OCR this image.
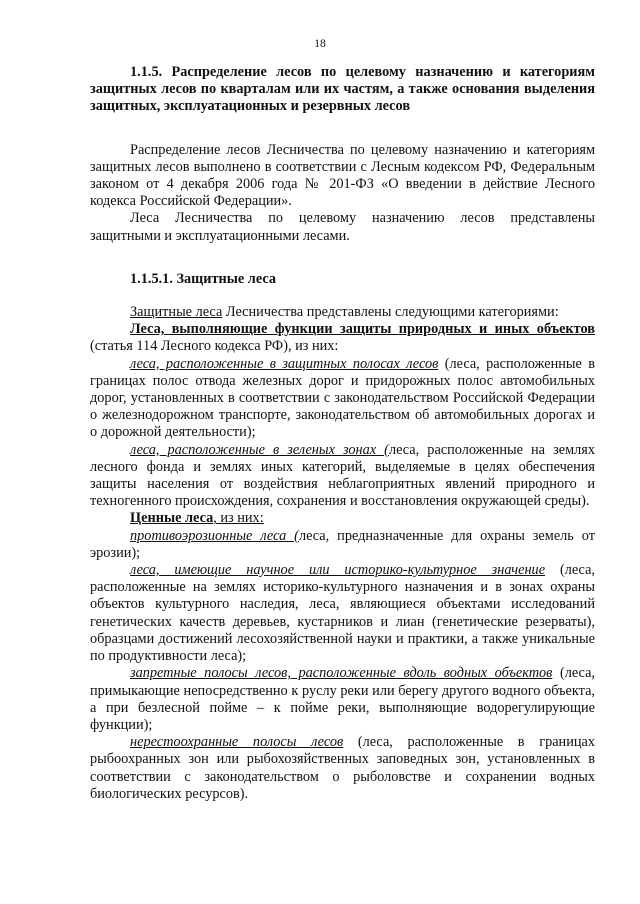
18

1.1.5. Распределение лесов по целевому назначению и категориям защитных лесов по кварталам или их частям, а также основания выделения защитных, эксплуатационных и резервных лесов

Распределение лесов Лесничества по целевому назначению и категориям защитных лесов выполнено в соответствии с Лесным кодексом РФ, Федеральным законом от 4 декабря 2006 года № 201-ФЗ «О введении в действие Лесного кодекса Российской Федерации».

Леса Лесничества по целевому назначению лесов представлены защитными и эксплуатационными лесами.

1.1.5.1. Защитные леса

Защитные леса Лесничества представлены следующими категориями:

Леса, выполняющие функции защиты природных и иных объектов (статья 114 Лесного кодекса РФ), из них:

леса, расположенные в защитных полосах лесов (леса, расположенные в границах полос отвода железных дорог и придорожных полос автомобильных дорог, установленных в соответствии с законодательством Российской Федерации о железнодорожном транспорте, законодательством об автомобильных дорогах и о дорожной деятельности);

леса, расположенные в зеленых зонах (леса, расположенные на землях лесного фонда и землях иных категорий, выделяемые в целях обеспечения защиты населения от воздействия неблагоприятных явлений природного и техногенного происхождения, сохранения и восстановления окружающей среды).

Ценные леса, из них:

противоэрозионные леса (леса, предназначенные для охраны земель от эрозии);

леса, имеющие научное или историко-культурное значение (леса, расположенные на землях историко-культурного назначения и в зонах охраны объектов культурного наследия, леса, являющиеся объектами исследований генетических качеств деревьев, кустарников и лиан (генетические резерваты), образцами достижений лесохозяйственной науки и практики, а также уникальные по продуктивности леса);

запретные полосы лесов, расположенные вдоль водных объектов (леса, примыкающие непосредственно к руслу реки или берегу другого водного объекта, а при безлесной пойме – к пойме реки, выполняющие водорегулирующие функции);

нерестоохранные полосы лесов (леса, расположенные в границах рыбоохранных зон или рыбохозяйственных заповедных зон, установленных в соответствии с законодательством о рыболовстве и сохранении водных биологических ресурсов).
